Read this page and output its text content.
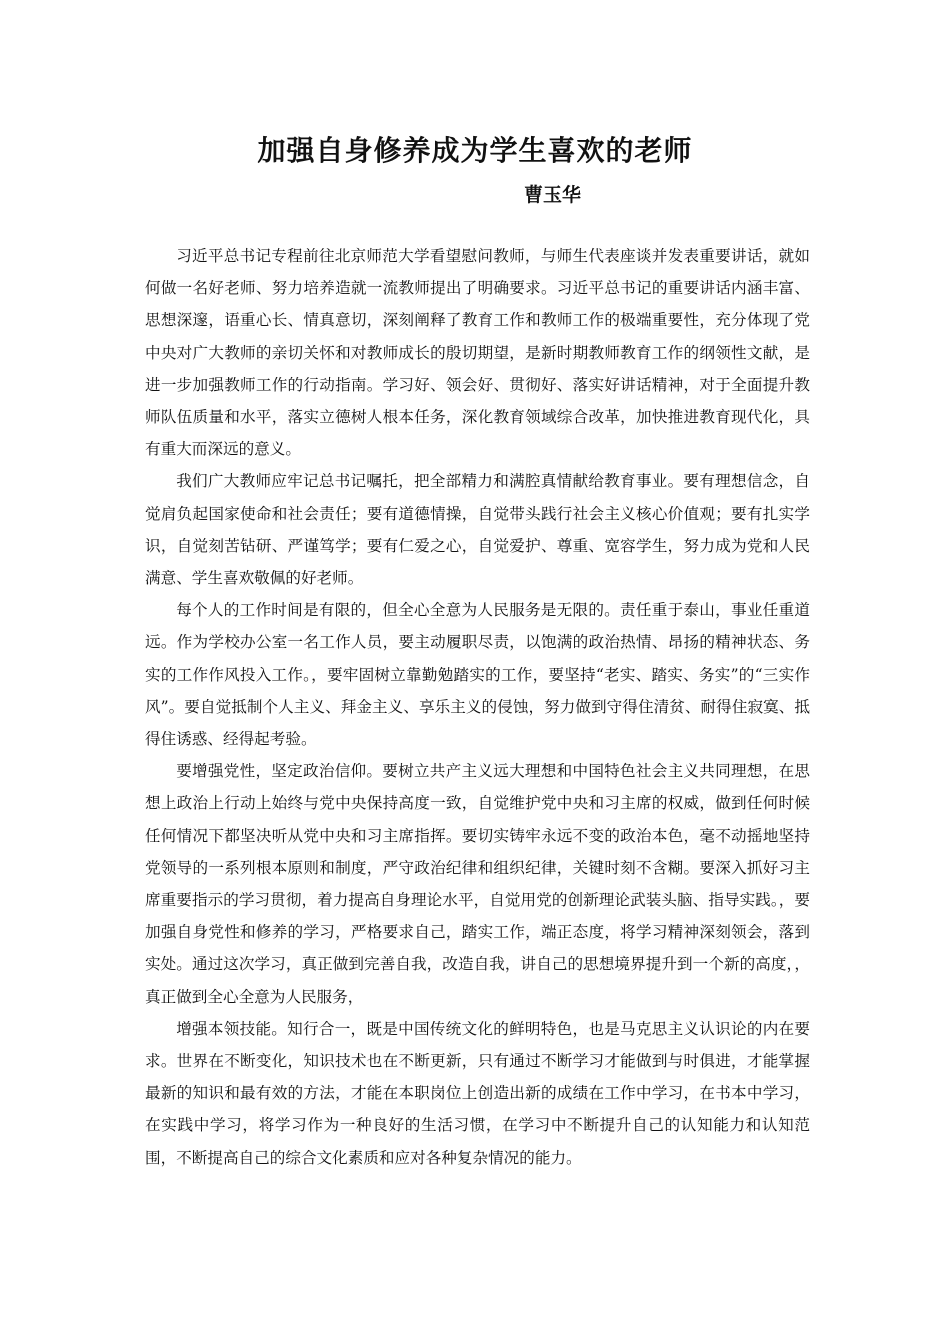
加强自身修养成为学生喜欢的老师
曹玉华

习近平总书记专程前往北京师范大学看望慰问教师，与师生代表座谈并发表重要讲话，就如何做一名好老师、努力培养造就一流教师提出了明确要求。习近平总书记的重要讲话内涵丰富、思想深邃，语重心长、情真意切，深刻阐释了教育工作和教师工作的极端重要性，充分体现了党中央对广大教师的亲切关怀和对教师成长的殷切期望，是新时期教师教育工作的纲领性文献，是进一步加强教师工作的行动指南。学习好、领会好、贯彻好、落实好讲话精神，对于全面提升教师队伍质量和水平，落实立德树人根本任务，深化教育领域综合改革，加快推进教育现代化，具有重大而深远的意义。

我们广大教师应牢记总书记嘱托，把全部精力和满腔真情献给教育事业。要有理想信念，自觉肩负起国家使命和社会责任；要有道德情操，自觉带头践行社会主义核心价值观；要有扎实学识，自觉刻苦钻研、严谨笃学；要有仁爱之心，自觉爱护、尊重、宽容学生，努力成为党和人民满意、学生喜欢敬佩的好老师。

每个人的工作时间是有限的，但全心全意为人民服务是无限的。责任重于泰山，事业任重道远。作为学校办公室一名工作人员，要主动履职尽责，以饱满的政治热情、昂扬的精神状态、务实的工作作风投入工作。，要牢固树立靠勤勉踏实的工作，要坚持“老实、踏实、务实”的“三实作风”。要自觉抵制个人主义、拜金主义、享乐主义的侵蚀，努力做到守得住清贫、耐得住寂寞、抵得住诱惑、经得起考验。

要增强党性，坚定政治信仰。要树立共产主义远大理想和中国特色社会主义共同理想，在思想上政治上行动上始终与党中央保持高度一致，自觉维护党中央和习主席的权威，做到任何时候任何情况下都坚决听从党中央和习主席指挥。要切实铸牢永远不变的政治本色，毫不动摇地坚持党领导的一系列根本原则和制度，严守政治纪律和组织纪律，关键时刻不含糊。要深入抓好习主席重要指示的学习贯彻，着力提高自身理论水平，自觉用党的创新理论武装头脑、指导实践。，要加强自身党性和修养的学习，严格要求自己，踏实工作，端正态度，将学习精神深刻领会，落到实处。通过这次学习，真正做到完善自我，改造自我，讲自己的思想境界提升到一个新的高度，，真正做到全心全意为人民服务，

增强本领技能。知行合一，既是中国传统文化的鲜明特色，也是马克思主义认识论的内在要求。世界在不断变化，知识技术也在不断更新，只有通过不断学习才能做到与时俱进，才能掌握最新的知识和最有效的方法，才能在本职岗位上创造出新的成绩在工作中学习，在书本中学习，在实践中学习，将学习作为一种良好的生活习惯，在学习中不断提升自己的认知能力和认知范围，不断提高自己的综合文化素质和应对各种复杂情况的能力。
